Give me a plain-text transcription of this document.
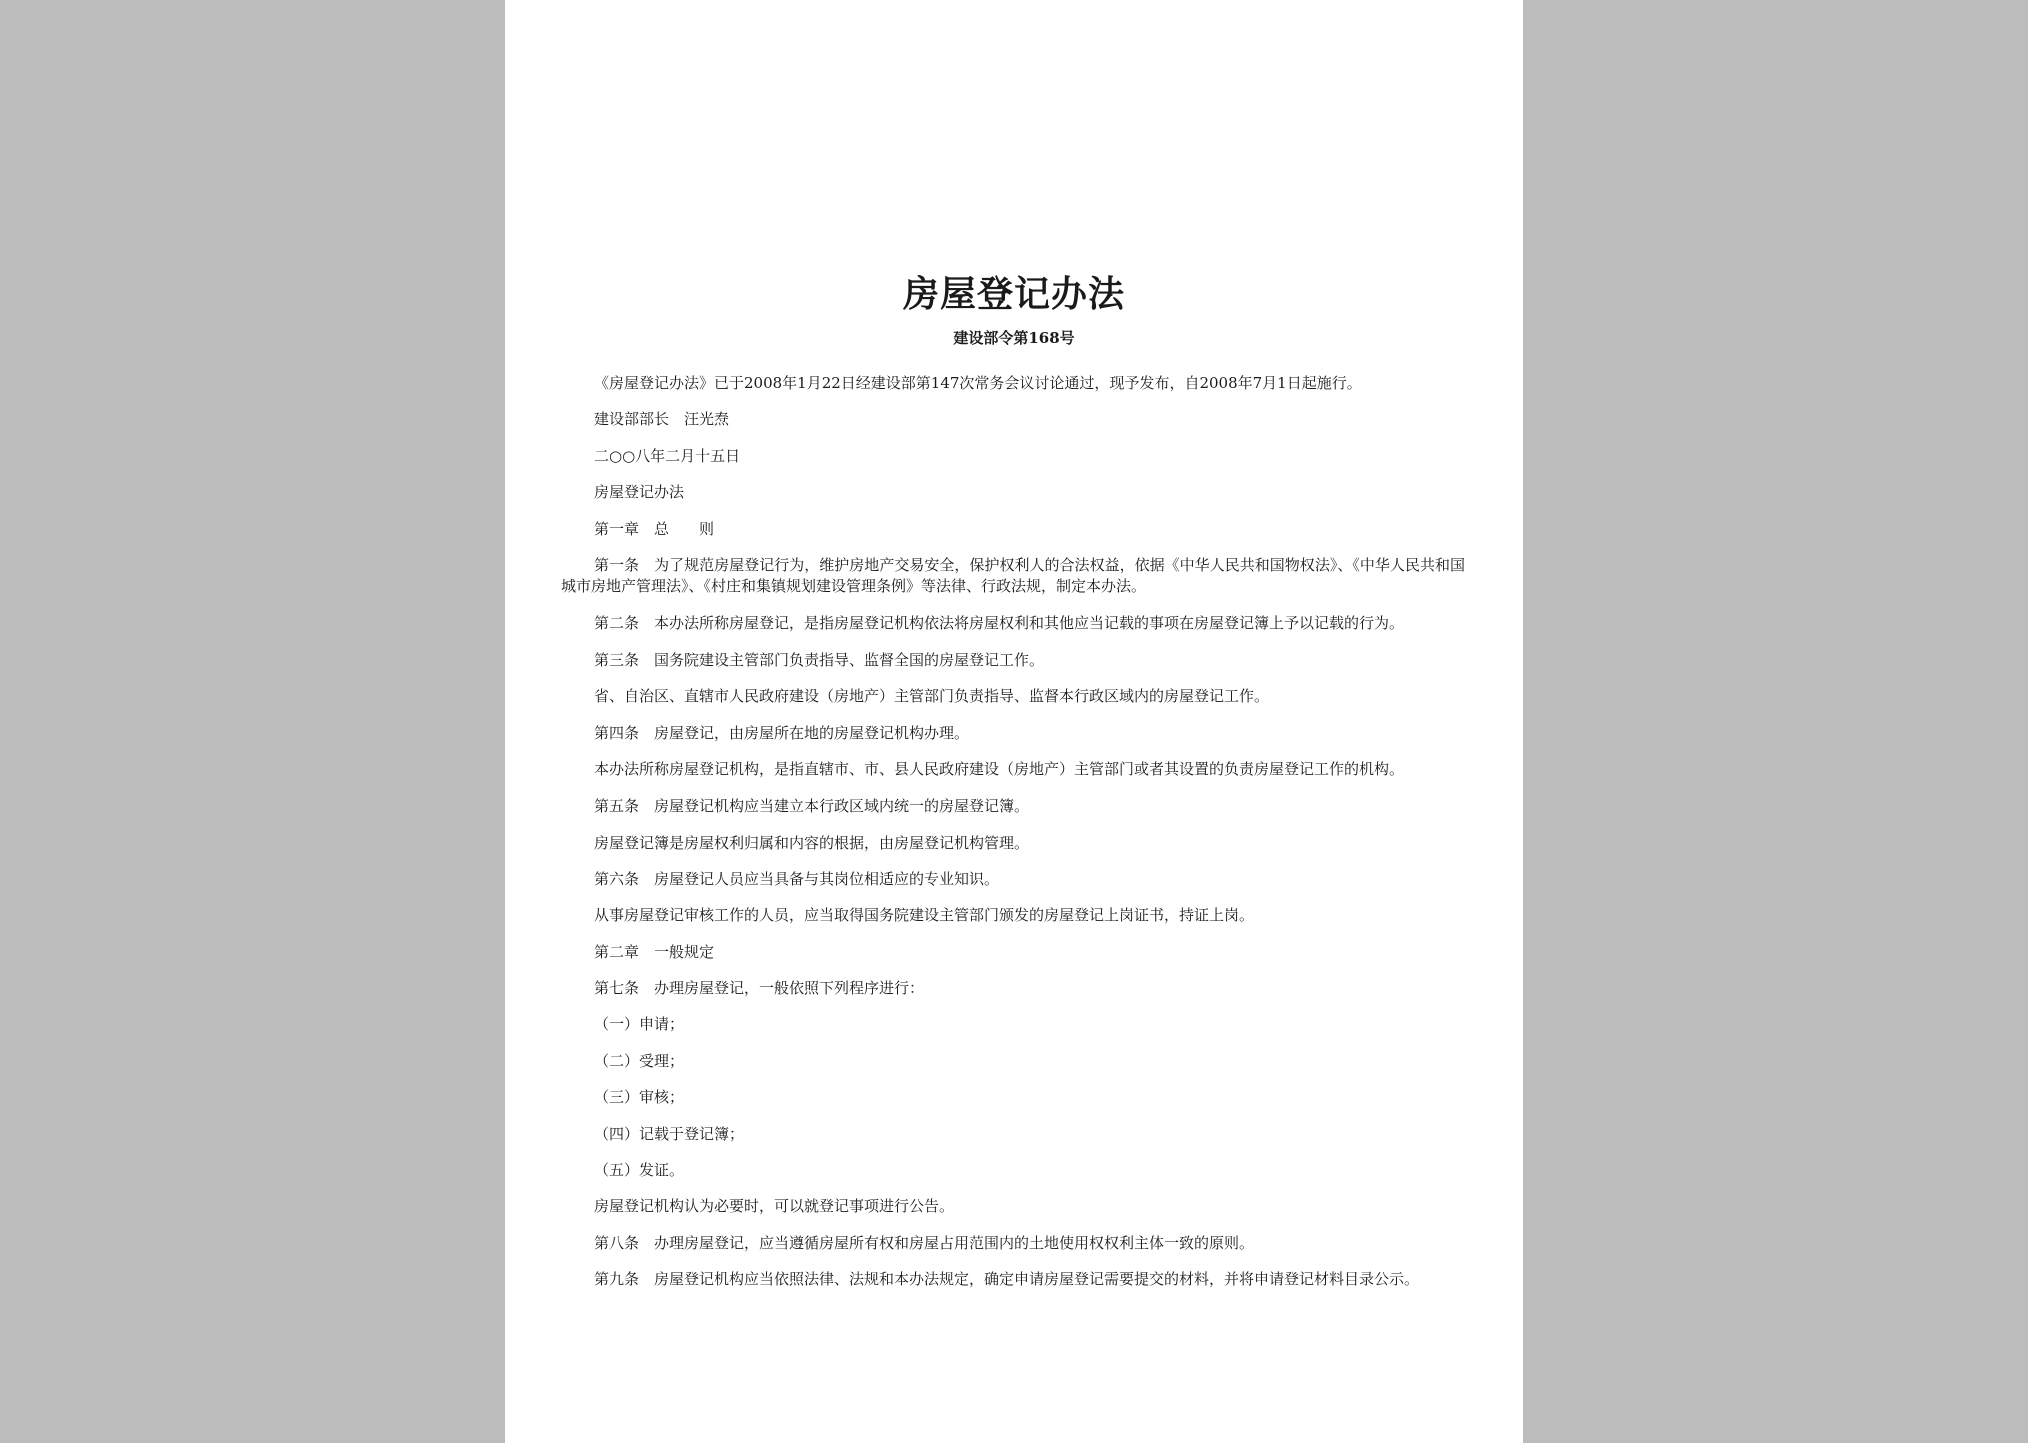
房屋登记办法

建设部令第168号

《房屋登记办法》已于2008年1月22日经建设部第147次常务会议讨论通过，现予发布，自2008年7月1日起施行。

建设部部长　汪光焘

二○○八年二月十五日

房屋登记办法

第一章　总　　则

第一条　为了规范房屋登记行为，维护房地产交易安全，保护权利人的合法权益，依据《中华人民共和国物权法》、《中华人民共和国城市房地产管理法》、《村庄和集镇规划建设管理条例》等法律、行政法规，制定本办法。

第二条　本办法所称房屋登记，是指房屋登记机构依法将房屋权利和其他应当记载的事项在房屋登记簿上予以记载的行为。

第三条　国务院建设主管部门负责指导、监督全国的房屋登记工作。

省、自治区、直辖市人民政府建设（房地产）主管部门负责指导、监督本行政区域内的房屋登记工作。

第四条　房屋登记，由房屋所在地的房屋登记机构办理。

本办法所称房屋登记机构，是指直辖市、市、县人民政府建设（房地产）主管部门或者其设置的负责房屋登记工作的机构。

第五条　房屋登记机构应当建立本行政区域内统一的房屋登记簿。

房屋登记簿是房屋权利归属和内容的根据，由房屋登记机构管理。

第六条　房屋登记人员应当具备与其岗位相适应的专业知识。

从事房屋登记审核工作的人员，应当取得国务院建设主管部门颁发的房屋登记上岗证书，持证上岗。

第二章　一般规定

第七条　办理房屋登记，一般依照下列程序进行：

（一）申请；

（二）受理；

（三）审核；

（四）记载于登记簿；

（五）发证。

房屋登记机构认为必要时，可以就登记事项进行公告。

第八条　办理房屋登记，应当遵循房屋所有权和房屋占用范围内的土地使用权权利主体一致的原则。

第九条　房屋登记机构应当依照法律、法规和本办法规定，确定申请房屋登记需要提交的材料，并将申请登记材料目录公示。
